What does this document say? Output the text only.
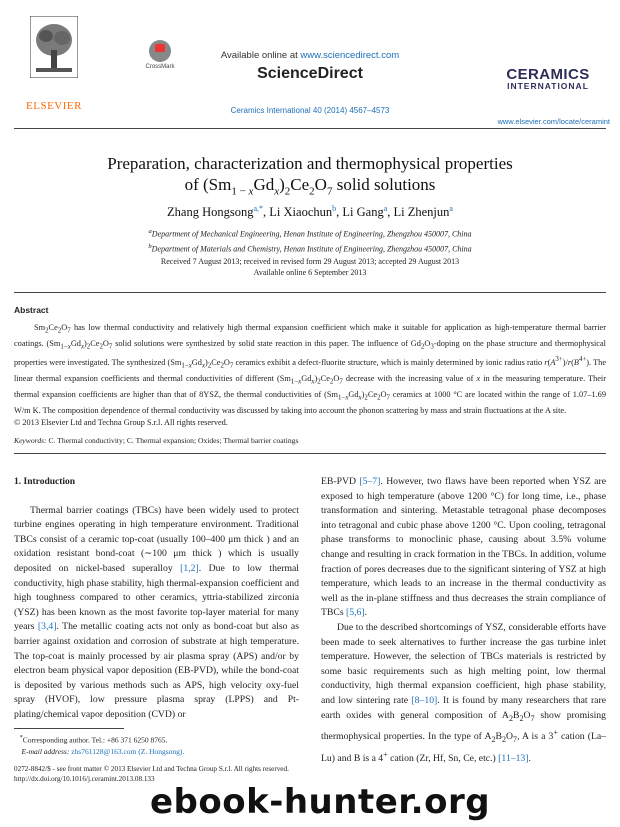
ELSEVIER
CrossMark
Available online at www.sciencedirect.com
ScienceDirect
Ceramics International 40 (2014) 4567–4573
CERAMICS
INTERNATIONAL
www.elsevier.com/locate/ceramint
Preparation, characterization and thermophysical properties
of $(Sm_{1 - x}Gd_x)_2Ce_2O_7$ solid solutions
Zhang Hongsong$^{a,*}$, Li Xiaochun$^b$, Li Gang$^a$, Li Zhenjun$^a$
$^a$Department of Mechanical Engineering, Henan Institute of Engineering, Zhengzhou 450007, China
$^b$Department of Materials and Chemistry, Henan Institute of Engineering, Zhengzhou 450007, China
Received 7 August 2013; received in revised form 29 August 2013; accepted 29 August 2013
Available online 6 September 2013
Abstract

$Sm_2Ce_2O_7$ has low thermal conductivity and relatively high thermal expansion coefficient which make it suitable for application as high-temperature thermal barrier coatings. $(Sm_{1-x}Gd_x)_2Ce_2O_7$ solid solutions were synthesized by solid state reaction in this paper. The influence of $Gd_2O_3$-doping on the phase structure and thermophysical properties were investigated. The synthesized $(Sm_{1-x}Gd_x)_2Ce_2O_7$ ceramics exhibit a defect-fluorite structure, which is mainly determined by ionic radius ratio $r(A^{3+})/r(B^{4+})$. The linear thermal expansion coefficients and thermal conductivities of different $(Sm_{1-x}Gd_x)_2Ce_2O_7$ decrease with the increasing value of x in the measuring temperature. Their thermal expansion coefficients are higher than that of 8YSZ, the thermal conductivities of $(Sm_{1-x}Gd_x)_2Ce_2O_7$ ceramics at 1000 °C are located within the range of 1.07–1.69 W/m K. The composition dependence of thermal conductivity was discussed by taking into account the phonon scattering by mass and strain fluctuations at the A site.

© 2013 Elsevier Ltd and Techna Group S.r.l. All rights reserved.

Keywords: C. Thermal conductivity; C. Thermal expansion; Oxides; Thermal barrier coatings
1. Introduction

Thermal barrier coatings (TBCs) have been widely used to protect turbine engines operating in high temperature environment. Traditional TBCs consist of a ceramic top-coat (usually 100–400 μm thick ) and an oxidation resistant bond-coat (∼100 μm thick ) which is usually deposited on nickel-based superalloy [1,2]. Due to low thermal conductivity, high phase stability, high thermal-expansion coefficient and high toughness compared to other ceramics, yttria-stabilized zirconia (YSZ) has been known as the most favorite top-layer material for many years [3,4]. The metallic coating acts not only as bond-coat but also as barrier against oxidation and corrosion of substrate at high temperature. The top-coat is mainly processed by air plasma spray (APS) and/or by electron beam physical vapor deposition (EB-PVD), while the bond-coat is deposited by various methods such as APS, high velocity oxy-fuel spray (HVOF), low pressure plasma spray (LPPS) and Pt-plating/chemical vapor deposition (CVD) or

EB-PVD [5–7]. However, two flaws have been reported when YSZ are exposed to high temperature (above 1200 °C) for long time, i.e., phase transformation and sintering. Metastable tetragonal phase decomposes into tetragonal and cubic phase above 1200 °C. Upon cooling, tetragonal phase transforms to monoclinic phase, causing about 3.5% volume change and resulting in crack formation in the TBCs. In addition, volume fraction of pores decreases due to the significant sintering of YSZ at high temperature, which leads to an increase in the thermal conductivity as well as the in-plane stiffness and thus decreases the strain compliance of TBCs [5,6].

Due to the described shortcomings of YSZ, considerable efforts have been made to seek alternatives to further increase the gas turbine inlet temperature. However, the selection of TBCs materials is restricted by some basic requirements such as high melting point, low thermal conductivity, high thermal expansion coefficient, high phase stability, and low sintering rate [8–10]. It is found by many researchers that rare earth oxides with general composition of $A_2B_2O_7$ show promising thermophysical properties. In the type of $A_2B_2O_7$, A is a 3+ cation (La–Lu) and B is a 4+ cation (Zr, Hf, Sn, Ce, etc.) [11–13].

*Corresponding author. Tel.: +86 371 6250 8765.
E-mail address: zhs761128@163.com (Z. Hongsong).
0272-8842/$ - see front matter © 2013 Elsevier Ltd and Techna Group S.r.l. All rights reserved.
http://dx.doi.org/10.1016/j.ceramint.2013.08.133
ebook-hunter.org
